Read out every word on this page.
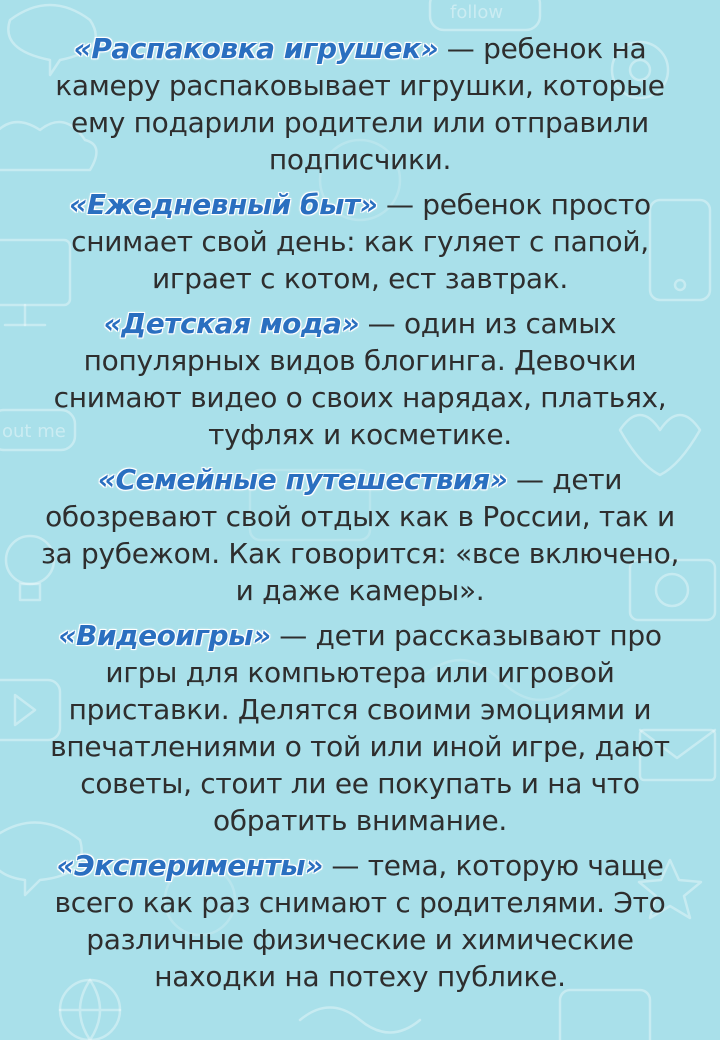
follow
out me

«Распаковка игрушек» — ребенок на камеру распаковывает игрушки, которые ему подарили родители или отправили подписчики.

«Ежедневный быт» — ребенок просто снимает свой день: как гуляет с папой, играет с котом, ест завтрак.

«Детская мода» — один из самых популярных видов блогинга. Девочки снимают видео о своих нарядах, платьях, туфлях и косметике.

«Семейные путешествия» — дети обозревают свой отдых как в России, так и за рубежом. Как говорится: «все включено, и даже камеры».

«Видеоигры» — дети рассказывают про игры для компьютера или игровой приставки. Делятся своими эмоциями и впечатлениями о той или иной игре, дают советы, стоит ли ее покупать и на что обратить внимание.

«Эксперименты» — тема, которую чаще всего как раз снимают с родителями. Это различные физические и химические находки на потеху публике.
